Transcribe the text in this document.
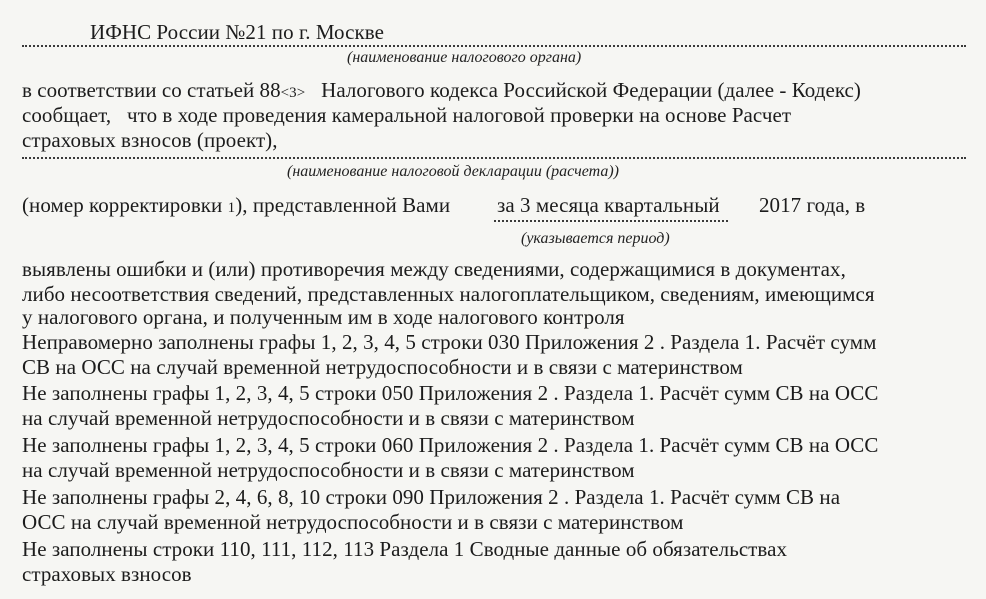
ИФНС России №21 по г. Москве
(наименование налогового органа)
в соответствии со статьей 88<3> Налогового кодекса Российской Федерации (далее - Кодекс)
сообщает,   что в ходе проведения камеральной налоговой проверки на основе Расчет
страховых взносов (проект),
(наименование налоговой декларации (расчета))
(номер корректировки 1), представленной Вами за 3 месяца квартальный 2017 года, в
(указывается период)
выявлены ошибки и (или) противоречия между сведениями, содержащимися в документах,
либо несоответствия сведений, представленных налогоплательщиком, сведениям, имеющимся
у налогового органа, и полученным им в ходе налогового контроля
Неправомерно заполнены графы 1, 2, 3, 4, 5 строки 030 Приложения 2 . Раздела 1. Расчёт сумм
СВ на ОСС на случай временной нетрудоспособности и в связи с материнством
Не заполнены графы 1, 2, 3, 4, 5 строки 050 Приложения 2 . Раздела 1. Расчёт сумм СВ на ОСС
на случай временной нетрудоспособности и в связи с материнством
Не заполнены графы 1, 2, 3, 4, 5 строки 060 Приложения 2 . Раздела 1. Расчёт сумм СВ на ОСС
на случай временной нетрудоспособности и в связи с материнством
Не заполнены графы 2, 4, 6, 8, 10 строки 090 Приложения 2 . Раздела 1. Расчёт сумм СВ на
ОСС на случай временной нетрудоспособности и в связи с материнством
Не заполнены строки 110, 111, 112, 113 Раздела 1 Сводные данные об обязательствах
страховых взносов
